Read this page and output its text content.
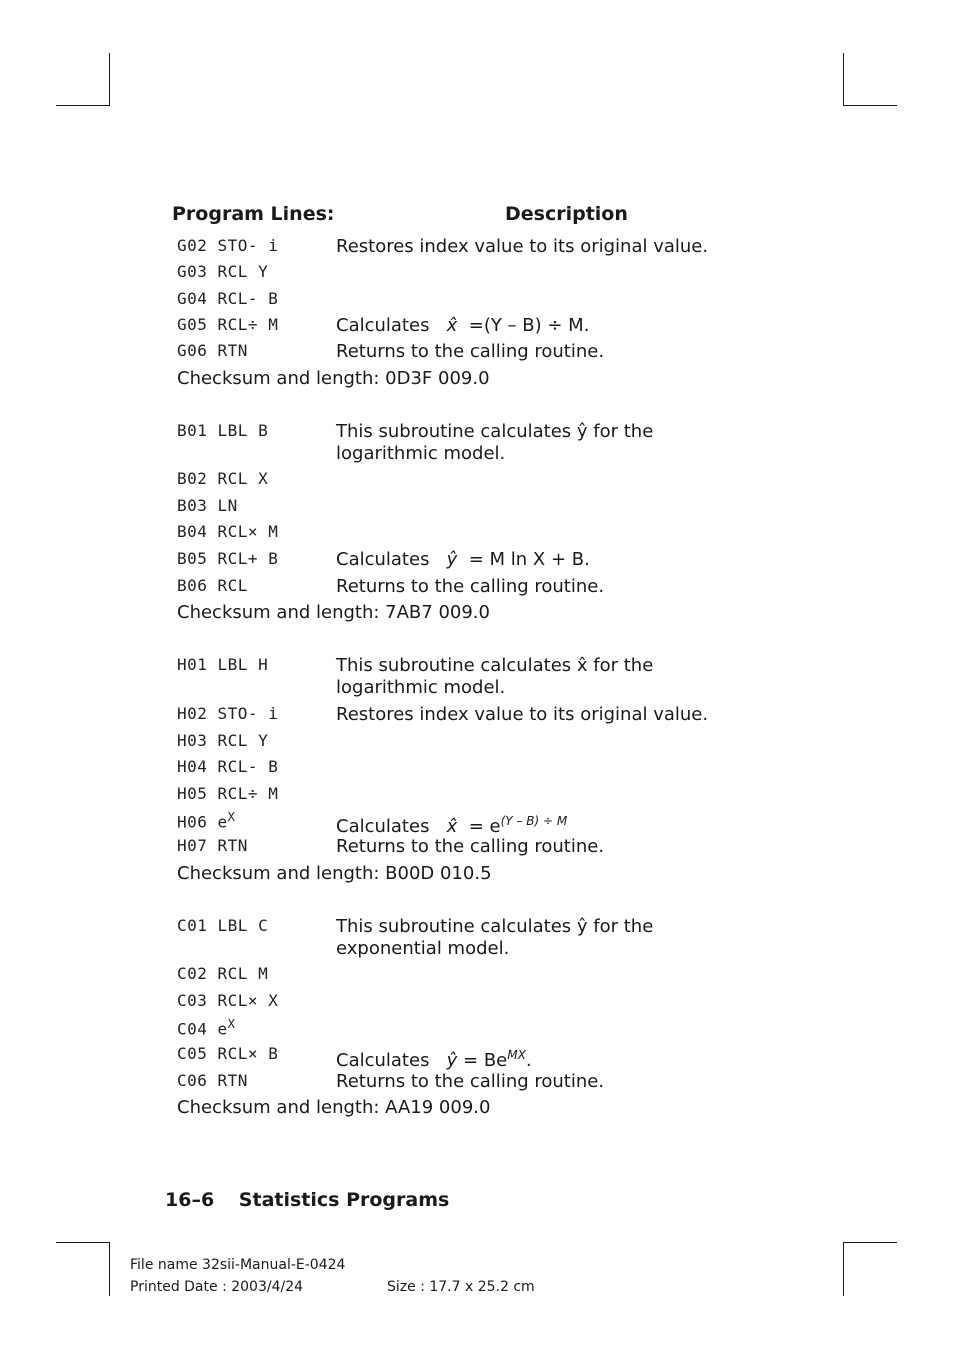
Program Lines:	Description
G02 STO- i	Restores index value to its original value.
G03 RCL Y
G04 RCL- B
G05 RCL÷ M	Calculates x̂ =(Y – B) ÷ M.
G06 RTN	Returns to the calling routine.
Checksum and length: 0D3F 009.0
B01 LBL B	This subroutine calculates ŷ for the logarithmic model.
B02 RCL X
B03 LN
B04 RCL× M
B05 RCL+ B	Calculates ŷ = M ln X + B.
B06 RCL	Returns to the calling routine.
Checksum and length: 7AB7 009.0
H01 LBL H	This subroutine calculates x̂ for the logarithmic model.
H02 STO- i	Restores index value to its original value.
H03 RCL Y
H04 RCL- B
H05 RCL÷ M
H06 $e^X$	Calculates x̂ = $e^{(Y - B) \div M}$
H07 RTN	Returns to the calling routine.
Checksum and length: B00D 010.5
C01 LBL C	This subroutine calculates ŷ for the exponential model.
C02 RCL M
C03 RCL× X
C04 $e^X$
C05 RCL× B	Calculates ŷ = $Be^{MX}$.
C06 RTN	Returns to the calling routine.
Checksum and length: AA19 009.0
16–6 Statistics Programs
File name 32sii-Manual-E-0424
Printed Date : 2003/4/24	Size : 17.7 x 25.2 cm
